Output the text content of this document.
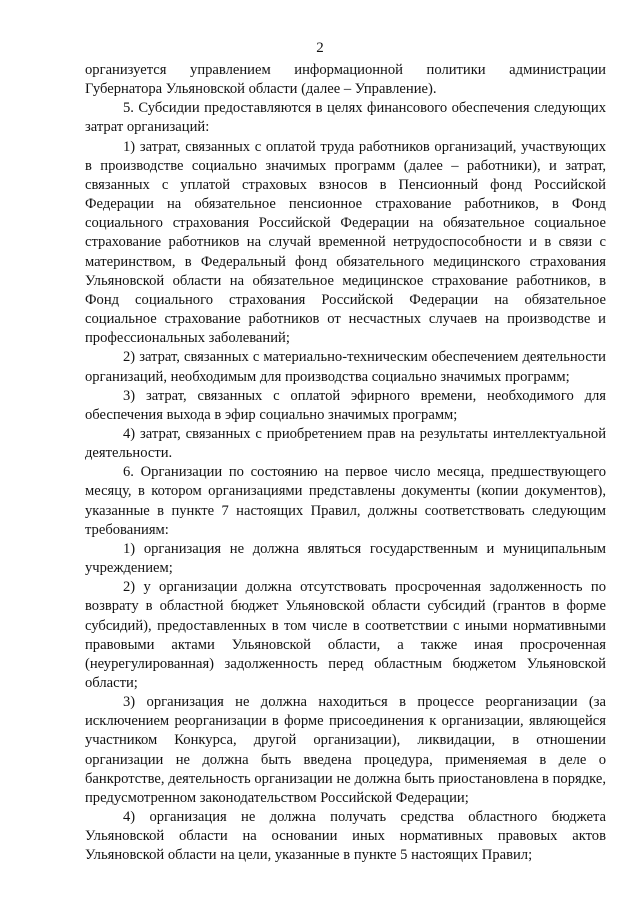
2

организуется управлением информационной политики администрации Губернатора Ульяновской области (далее – Управление).

5. Субсидии предоставляются в целях финансового обеспечения следующих затрат организаций:

1) затрат, связанных с оплатой труда работников организаций, участвующих в производстве социально значимых программ (далее – работники), и затрат, связанных с уплатой страховых взносов в Пенсионный фонд Российской Федерации на обязательное пенсионное страхование работников, в Фонд социального страхования Российской Федерации на обязательное социальное страхование работников на случай временной нетрудоспособности и в связи с материнством, в Федеральный фонд обязательного медицинского страхования Ульяновской области на обязательное медицинское страхование работников, в Фонд социального страхования Российской Федерации на обязательное социальное страхование работников от несчастных случаев на производстве и профессиональных заболеваний;

2) затрат, связанных с материально-техническим обеспечением деятельности организаций, необходимым для производства социально значимых программ;

3) затрат, связанных с оплатой эфирного времени, необходимого для обеспечения выхода в эфир социально значимых программ;

4) затрат, связанных с приобретением прав на результаты интеллектуальной деятельности.

6. Организации по состоянию на первое число месяца, предшествующего месяцу, в котором организациями представлены документы (копии документов), указанные в пункте 7 настоящих Правил, должны соответствовать следующим требованиям:

1) организация не должна являться государственным и муниципальным учреждением;

2) у организации должна отсутствовать просроченная задолженность по возврату в областной бюджет Ульяновской области субсидий (грантов в форме субсидий), предоставленных в том числе в соответствии с иными нормативными правовыми актами Ульяновской области, а также иная просроченная (неурегулированная) задолженность перед областным бюджетом Ульяновской области;

3) организация не должна находиться в процессе реорганизации (за исключением реорганизации в форме присоединения к организации, являющейся участником Конкурса, другой организации), ликвидации, в отношении организации не должна быть введена процедура, применяемая в деле о банкротстве, деятельность организации не должна быть приостановлена в порядке, предусмотренном законодательством Российской Федерации;

4) организация не должна получать средства областного бюджета Ульяновской области на основании иных нормативных правовых актов Ульяновской области на цели, указанные в пункте 5 настоящих Правил;
